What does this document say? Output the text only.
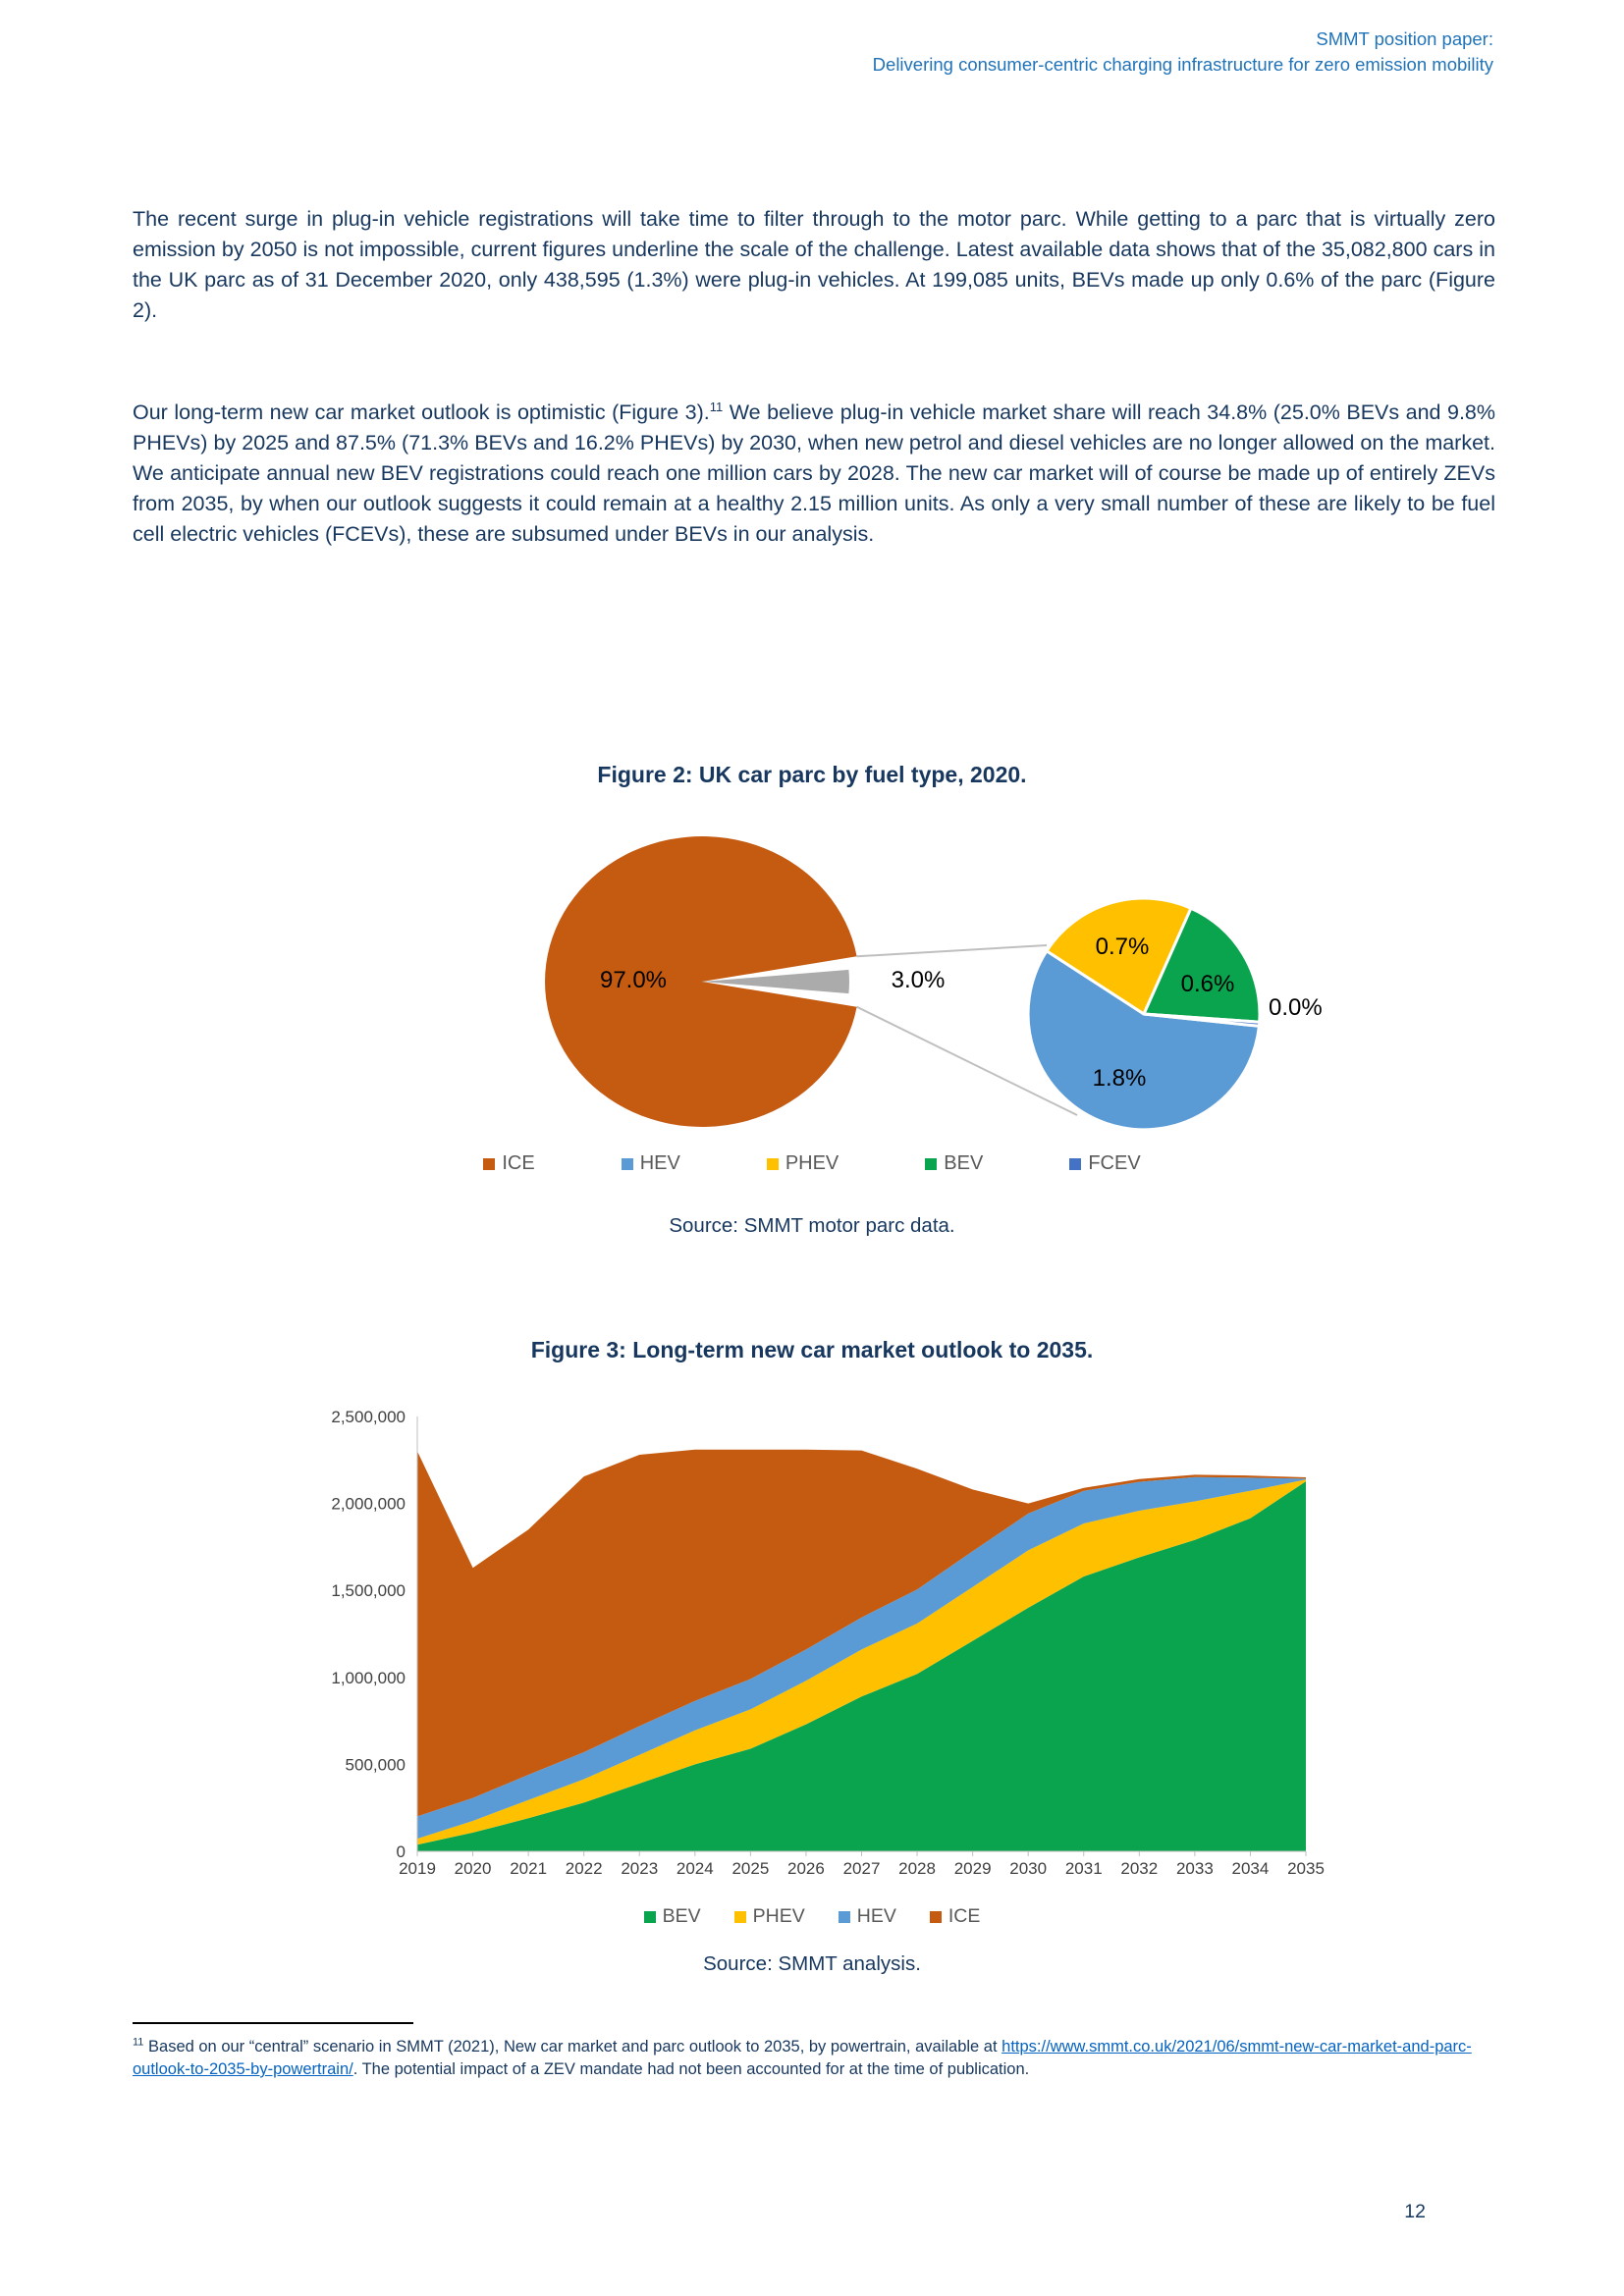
SMMT position paper:
Delivering consumer-centric charging infrastructure for zero emission mobility

The recent surge in plug-in vehicle registrations will take time to filter through to the motor parc. While getting to a parc that is virtually zero emission by 2050 is not impossible, current figures underline the scale of the challenge. Latest available data shows that of the 35,082,800 cars in the UK parc as of 31 December 2020, only 438,595 (1.3%) were plug-in vehicles. At 199,085 units, BEVs made up only 0.6% of the parc (Figure 2).

Our long-term new car market outlook is optimistic (Figure 3).$^{11}$ We believe plug-in vehicle market share will reach 34.8% (25.0% BEVs and 9.8% PHEVs) by 2025 and 87.5% (71.3% BEVs and 16.2% PHEVs) by 2030, when new petrol and diesel vehicles are no longer allowed on the market. We anticipate annual new BEV registrations could reach one million cars by 2028. The new car market will of course be made up of entirely ZEVs from 2035, by when our outlook suggests it could remain at a healthy 2.15 million units. As only a very small number of these are likely to be fuel cell electric vehicles (FCEVs), these are subsumed under BEVs in our analysis.

Figure 2: UK car parc by fuel type, 2020.
97.0%	3.0%
0.7%
0.6%
1.8%
0.0%
ICE	HEV	PHEV	BEV	FCEV
Source: SMMT motor parc data.
Figure 3: Long-term new car market outlook to 2035.
0
500,000
1,000,000
1,500,000
2,000,000
2,500,000
2019 2020 2021 2022 2023 2024 2025 2026 2027 2028 2029 2030 2031 2032 2033 2034 2035
BEV	PHEV	HEV	ICE
Source: SMMT analysis.
$^{11}$ Based on our “central” scenario in SMMT (2021), New car market and parc outlook to 2035, by powertrain, available at https://www.smmt.co.uk/2021/06/smmt-new-car-market-and-parc-outlook-to-2035-by-powertrain/. The potential impact of a ZEV mandate had not been accounted for at the time of publication.
12
